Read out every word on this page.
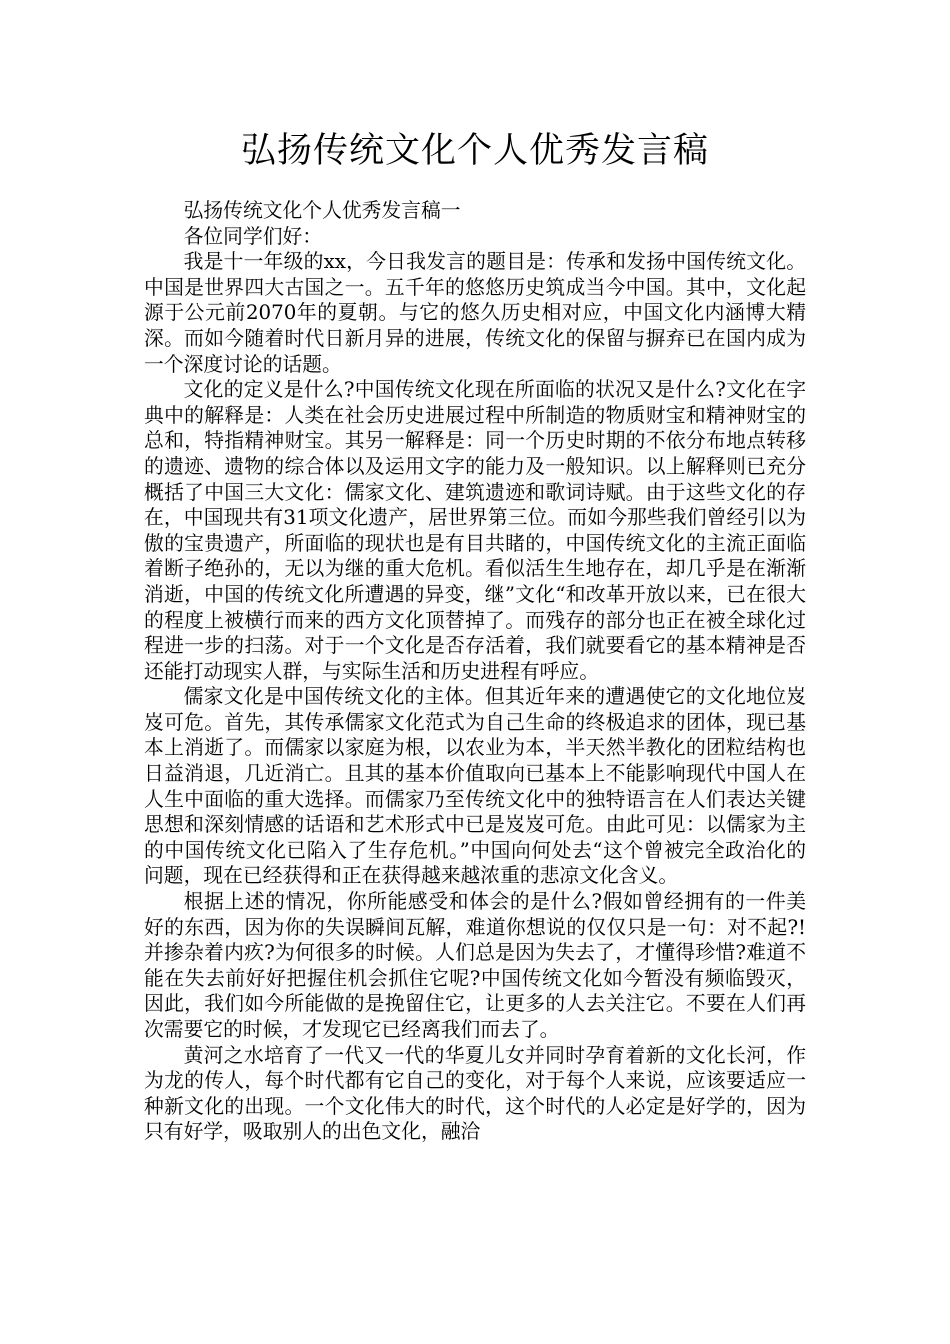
弘扬传统文化个人优秀发言稿

弘扬传统文化个人优秀发言稿一

各位同学们好：

我是十一年级的xx，今日我发言的题目是：传承和发扬中国传统文化。中国是世界四大古国之一。五千年的悠悠历史筑成当今中国。其中，文化起源于公元前2070年的夏朝。与它的悠久历史相对应，中国文化内涵博大精深。而如今随着时代日新月异的进展，传统文化的保留与摒弃已在国内成为一个深度讨论的话题。

文化的定义是什么?中国传统文化现在所面临的状况又是什么?文化在字典中的解释是：人类在社会历史进展过程中所制造的物质财宝和精神财宝的总和，特指精神财宝。其另一解释是：同一个历史时期的不依分布地点转移的遗迹、遗物的综合体以及运用文字的能力及一般知识。以上解释则已充分概括了中国三大文化：儒家文化、建筑遗迹和歌词诗赋。由于这些文化的存在，中国现共有31项文化遗产，居世界第三位。而如今那些我们曾经引以为傲的宝贵遗产，所面临的现状也是有目共睹的，中国传统文化的主流正面临着断子绝孙的，无以为继的重大危机。看似活生生地存在，却几乎是在渐渐消逝，中国的传统文化所遭遇的异变，继”文化“和改革开放以来，已在很大的程度上被横行而来的西方文化顶替掉了。而残存的部分也正在被全球化过程进一步的扫荡。对于一个文化是否存活着，我们就要看它的基本精神是否还能打动现实人群，与实际生活和历史进程有呼应。

儒家文化是中国传统文化的主体。但其近年来的遭遇使它的文化地位岌岌可危。首先，其传承儒家文化范式为自己生命的终极追求的团体，现已基本上消逝了。而儒家以家庭为根，以农业为本，半天然半教化的团粒结构也日益消退，几近消亡。且其的基本价值取向已基本上不能影响现代中国人在人生中面临的重大选择。而儒家乃至传统文化中的独特语言在人们表达关键思想和深刻情感的话语和艺术形式中已是岌岌可危。由此可见：以儒家为主的中国传统文化已陷入了生存危机。”中国向何处去“这个曾被完全政治化的问题，现在已经获得和正在获得越来越浓重的悲凉文化含义。

根据上述的情况，你所能感受和体会的是什么?假如曾经拥有的一件美好的东西，因为你的失误瞬间瓦解，难道你想说的仅仅只是一句：对不起?!并掺杂着内疚?为何很多的时候。人们总是因为失去了，才懂得珍惜?难道不能在失去前好好把握住机会抓住它呢?中国传统文化如今暂没有频临毁灭，因此，我们如今所能做的是挽留住它，让更多的人去关注它。不要在人们再次需要它的时候，才发现它已经离我们而去了。

黄河之水培育了一代又一代的华夏儿女并同时孕育着新的文化长河，作为龙的传人，每个时代都有它自己的变化，对于每个人来说，应该要适应一种新文化的出现。一个文化伟大的时代，这个时代的人必定是好学的，因为只有好学，吸取别人的出色文化，融洽
